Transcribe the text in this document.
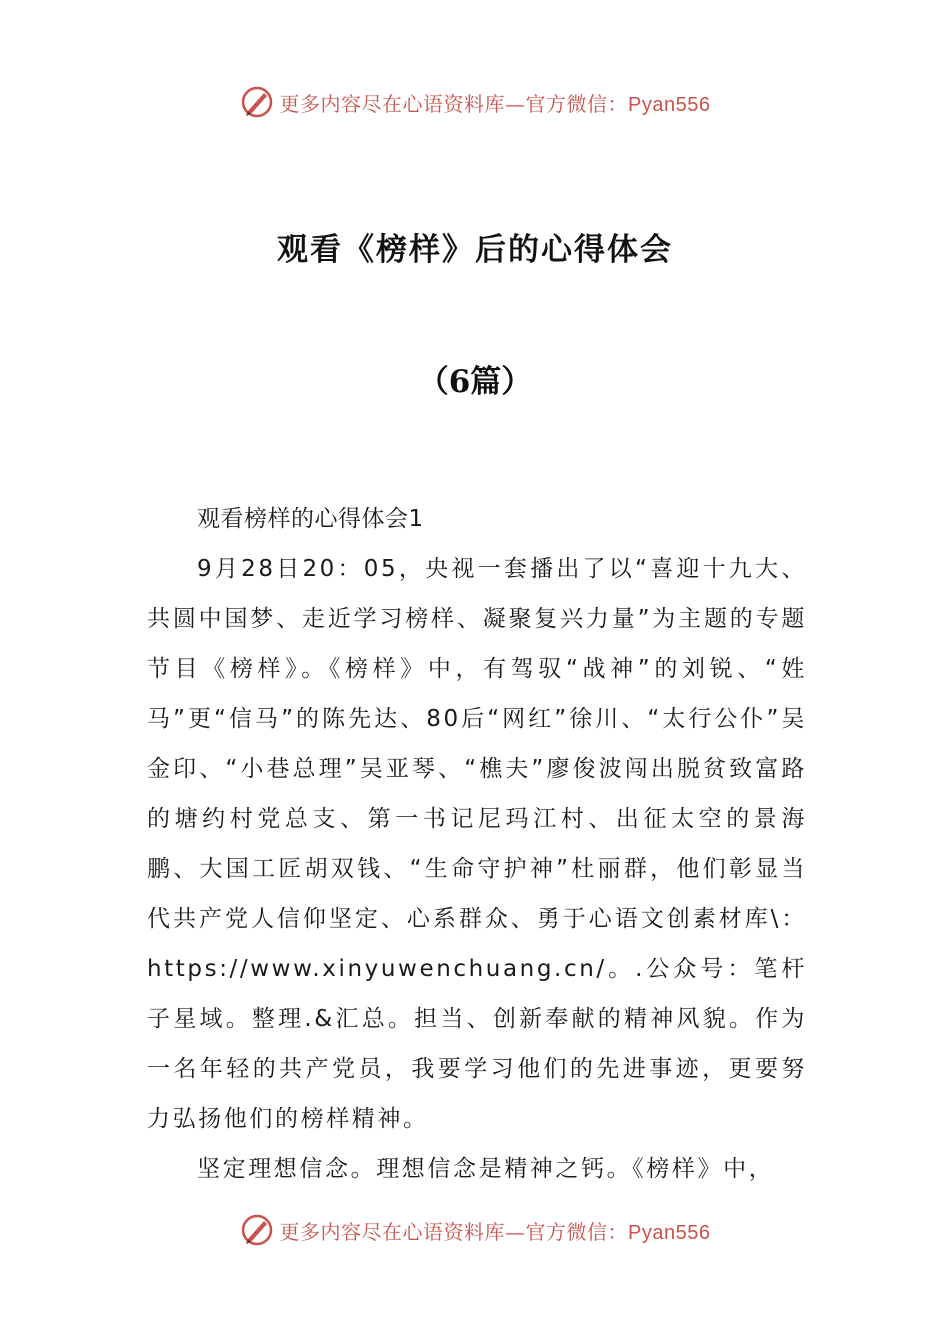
更多内容尽在心语资料库—官方微信：Pyan556
观看《榜样》后的心得体会
（6篇）

观看榜样的心得体会1

9月28日20：05，央视一套播出了以“喜迎十九大、共圆中国梦、走近学习榜样、凝聚复兴力量”为主题的专题节目《榜样》。《榜样》中，有驾驭“战神”的刘锐、“姓马”更“信马”的陈先达、80后“网红”徐川、“太行公仆”吴金印、“小巷总理”吴亚琴、“樵夫”廖俊波闯出脱贫致富路的塘约村党总支、第一书记尼玛江村、出征太空的景海鹏、大国工匠胡双钱、“生命守护神”杜丽群，他们彰显当代共产党人信仰坚定、心系群众、勇于心语文创素材库\：https://www.xinyuwenchuang.cn/。.公众号：笔杆子星域。整理.&汇总。担当、创新奉献的精神风貌。作为一名年轻的共产党员，我要学习他们的先进事迹，更要努力弘扬他们的榜样精神。

坚定理想信念。理想信念是精神之钙。《榜样》中，

更多内容尽在心语资料库—官方微信：Pyan556
